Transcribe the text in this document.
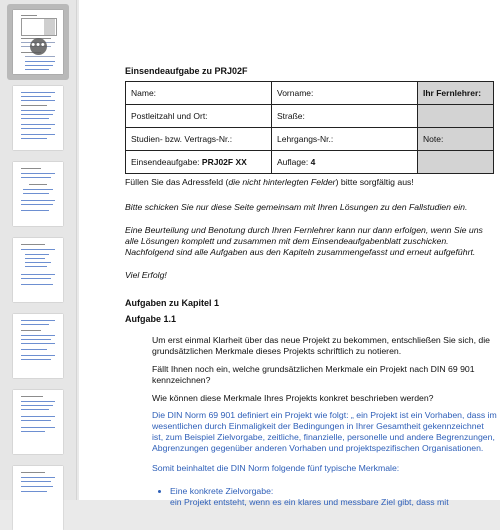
•••
Einsendeaufgabe zu PRJ02F
Name:	Vorname:	Ihr Fernlehrer:
Postleitzahl und Ort:	Straße:	
Studien- bzw. Vertrags-Nr.:	Lehrgangs-Nr.:	Note:
Einsendeaufgabe: PRJ02F XX	Auflage: 4	

Füllen Sie das Adressfeld (die nicht hinterlegten Felder) bitte sorgfältig aus!

Bitte schicken Sie nur diese Seite gemeinsam mit Ihren Lösungen zu den Fallstudien ein.

Eine Beurteilung und Benotung durch Ihren Fernlehrer kann nur dann erfolgen, wenn Sie uns alle Lösungen komplett und zusammen mit dem Einsendeaufgabenblatt zuschicken. Nachfolgend sind alle Aufgaben aus den Kapiteln zusammengefasst und erneut aufgeführt.

Viel Erfolg!

Aufgaben zu Kapitel 1

Aufgabe 1.1

Um erst einmal Klarheit über das neue Projekt zu bekommen, entschließen Sie sich, die grundsätzlichen Merkmale dieses Projekts schriftlich zu notieren.

Fällt Ihnen noch ein, welche grundsätzlichen Merkmale ein Projekt nach DIN 69 901 kennzeichnen?

Wie können diese Merkmale Ihres Projekts konkret beschrieben werden?

Die DIN Norm 69 901 definiert ein Projekt wie folgt: „ ein Projekt ist ein Vorhaben, dass im wesentlichen durch Einmaligkeit der Bedingungen in Ihrer Gesamtheit gekennzeichnet ist, zum Beispiel Zielvorgabe, zeitliche, finanzielle, personelle und andere Begrenzungen, Abgrenzungen gegenüber anderen Vorhaben und projektspezifischen Organisationen.

Somit beinhaltet die DIN Norm folgende fünf typische Merkmale:

• Eine konkrete Zielvorgabe:
ein Projekt entsteht, wenn es ein klares und messbare Ziel gibt, dass mit
